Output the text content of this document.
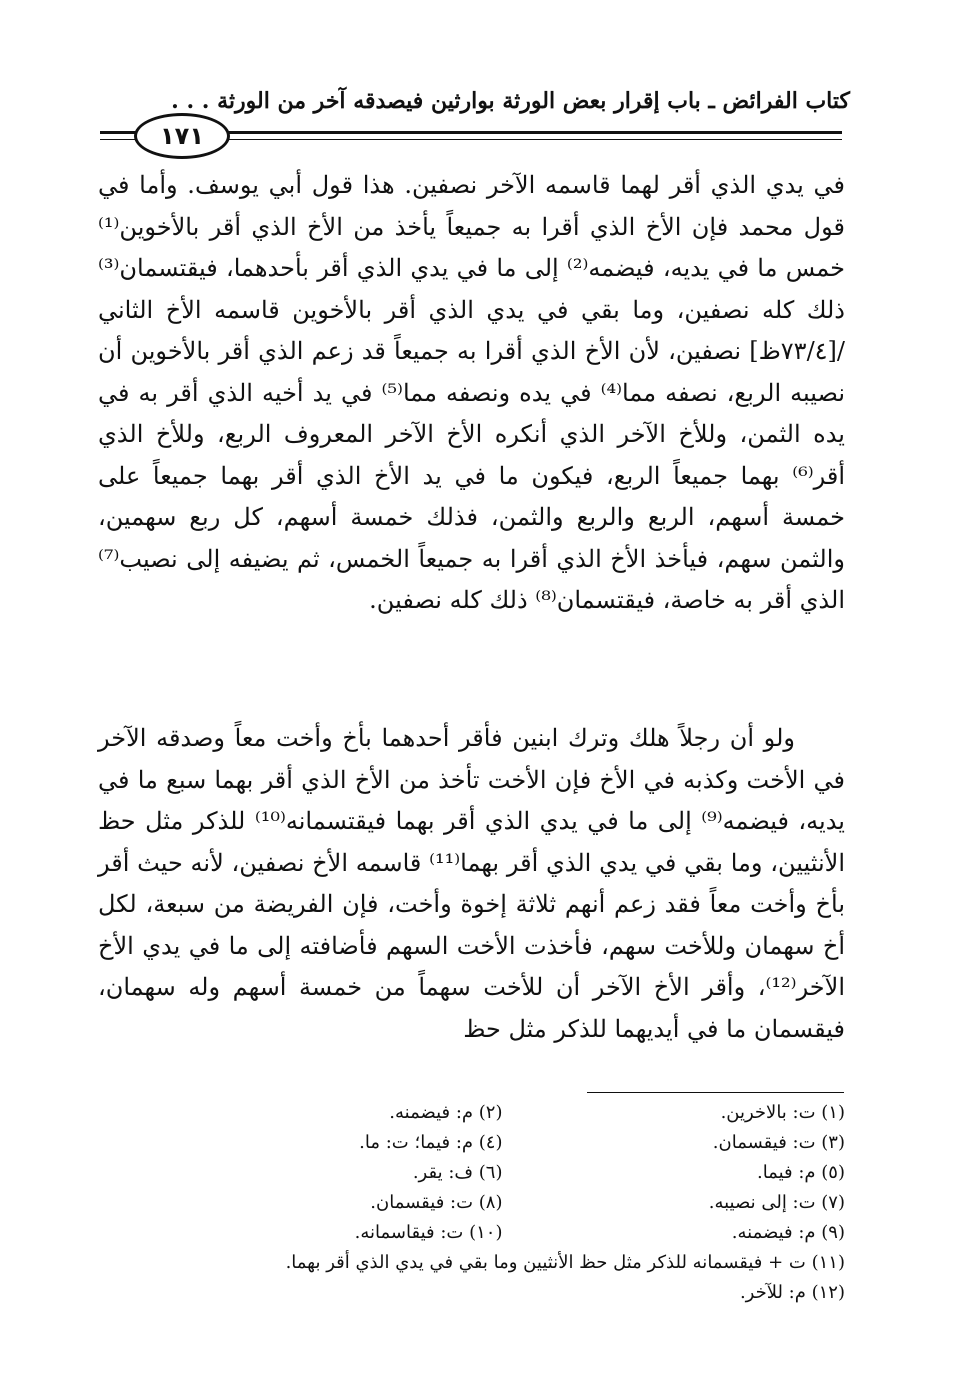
كتاب الفرائض ـ باب إقرار بعض الورثة بوارثين فيصدقه آخر من الورثة . . .
١٧١
في يدي الذي أقر لهما قاسمه الآخر نصفين. هذا قول أبي يوسف. وأما في قول محمد فإن الأخ الذي أقرا به جميعاً يأخذ من الأخ الذي أقر بالأخوين⁽¹⁾ خمس ما في يديه، فيضمه⁽²⁾ إلى ما في يدي الذي أقر بأحدهما، فيقتسمان⁽³⁾ ذلك كله نصفين، وما بقي في يدي الذي أقر بالأخوين قاسمه الأخ الثاني /[٧٣/٤ظ] نصفين، لأن الأخ الذي أقرا به جميعاً قد زعم الذي أقر بالأخوين أن نصيبه الربع، نصفه مما⁽⁴⁾ في يده ونصفه مما⁽⁵⁾ في يد أخيه الذي أقر به في يده الثمن، وللأخ الآخر الذي أنكره الأخ الآخر المعروف الربع، وللأخ الذي أقر⁽⁶⁾ بهما جميعاً الربع، فيكون ما في يد الأخ الذي أقر بهما جميعاً على خمسة أسهم، الربع والربع والثمن، فذلك خمسة أسهم، كل ربع سهمين، والثمن سهم، فيأخذ الأخ الذي أقرا به جميعاً الخمس، ثم يضيفه إلى نصيب⁽⁷⁾ الذي أقر به خاصة، فيقتسمان⁽⁸⁾ ذلك كله نصفين.
ولو أن رجلاً هلك وترك ابنين فأقر أحدهما بأخ وأخت معاً وصدقه الآخر في الأخت وكذبه في الأخ فإن الأخت تأخذ من الأخ الذي أقر بهما سبع ما في يديه، فيضمه⁽⁹⁾ إلى ما في يدي الذي أقر بهما فيقتسمانه⁽¹⁰⁾ للذكر مثل حظ الأنثيين، وما بقي في يدي الذي أقر بهما⁽¹¹⁾ قاسمه الأخ نصفين، لأنه حيث أقر بأخ وأخت معاً فقد زعم أنهم ثلاثة إخوة وأخت، فإن الفريضة من سبعة، لكل أخ سهمان وللأخت سهم، فأخذت الأخت السهم فأضافته إلى ما في يدي الأخ الآخر⁽¹²⁾، وأقر الأخ الآخر أن للأخت سهماً من خمسة أسهم وله سهمان، فيقسمان ما في أيديهما للذكر مثل حظ
(١) ت: بالاخرين.
(٢) م: فيضمنه.
(٣) ت: فيقسمان.
(٤) م: فيما؛ ت: ما.
(٥) م: فيما.
(٦) ف: يقر.
(٧) ت: إلى نصيبه.
(٨) ت: فيقسمان.
(٩) م: فيضمنه.
(١٠) ت: فيقاسمانه.
(١١) ت + فيقسمانه للذكر مثل حظ الأنثيين وما بقي في يدي الذي أقر بهما.
(١٢) م: للآخر.
